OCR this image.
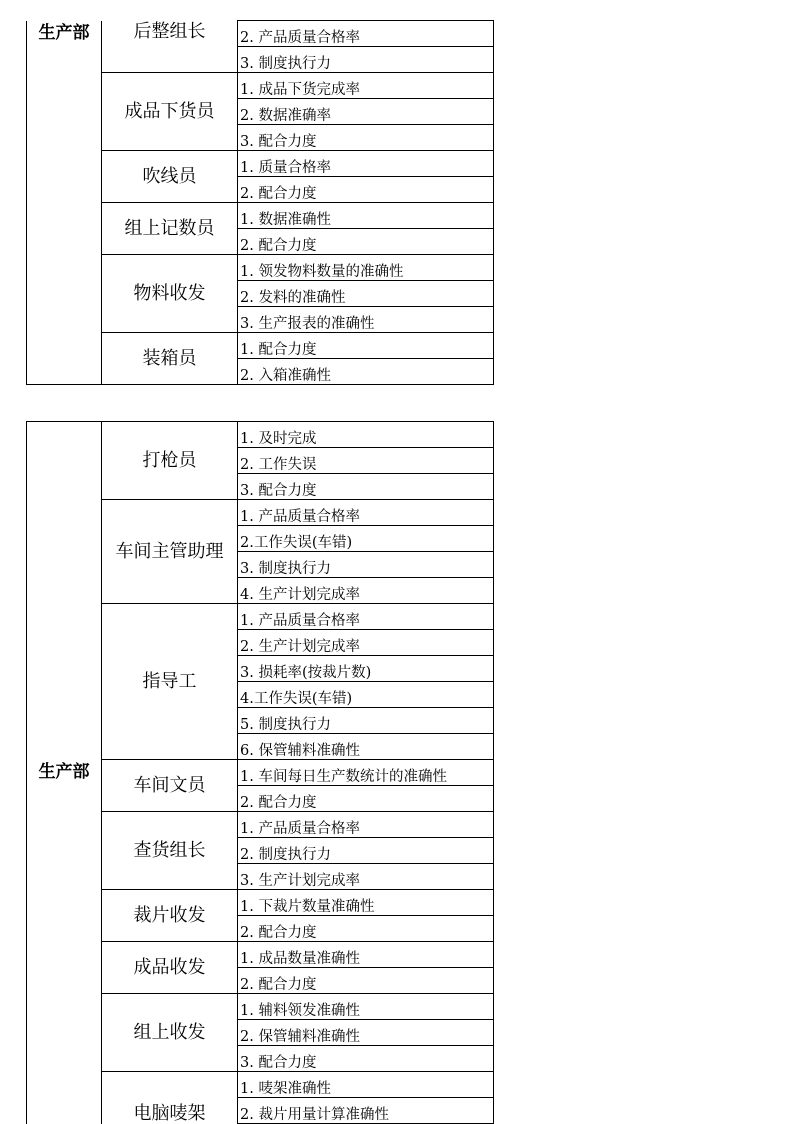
生产部	后整组长	2. 产品质量合格率
		3. 制度执行力
	成品下货员	1. 成品下货完成率
		2. 数据准确率
		3. 配合力度
	吹线员	1. 质量合格率
		2. 配合力度
	组上记数员	1. 数据准确性
		2. 配合力度
	物料收发	1. 领发物料数量的准确性
		2. 发料的准确性
		3. 生产报表的准确性
	装箱员	1. 配合力度
		2. 入箱准确性
生产部	打枪员	1. 及时完成
		2. 工作失误
		3. 配合力度
	车间主管助理	1. 产品质量合格率
		2.工作失误(车错)
		3. 制度执行力
		4. 生产计划完成率
	指导工	1. 产品质量合格率
		2. 生产计划完成率
		3. 损耗率(按裁片数)
		4.工作失误(车错)
		5. 制度执行力
		6. 保管辅料准确性
	车间文员	1. 车间每日生产数统计的准确性
		2. 配合力度
	查货组长	1. 产品质量合格率
		2. 制度执行力
		3. 生产计划完成率
	裁片收发	1. 下裁片数量准确性
		2. 配合力度
	成品收发	1. 成品数量准确性
		2. 配合力度
	组上收发	1. 辅料领发准确性
		2. 保管辅料准确性
		3. 配合力度
	电脑唛架	1. 唛架准确性
		2. 裁片用量计算准确性
